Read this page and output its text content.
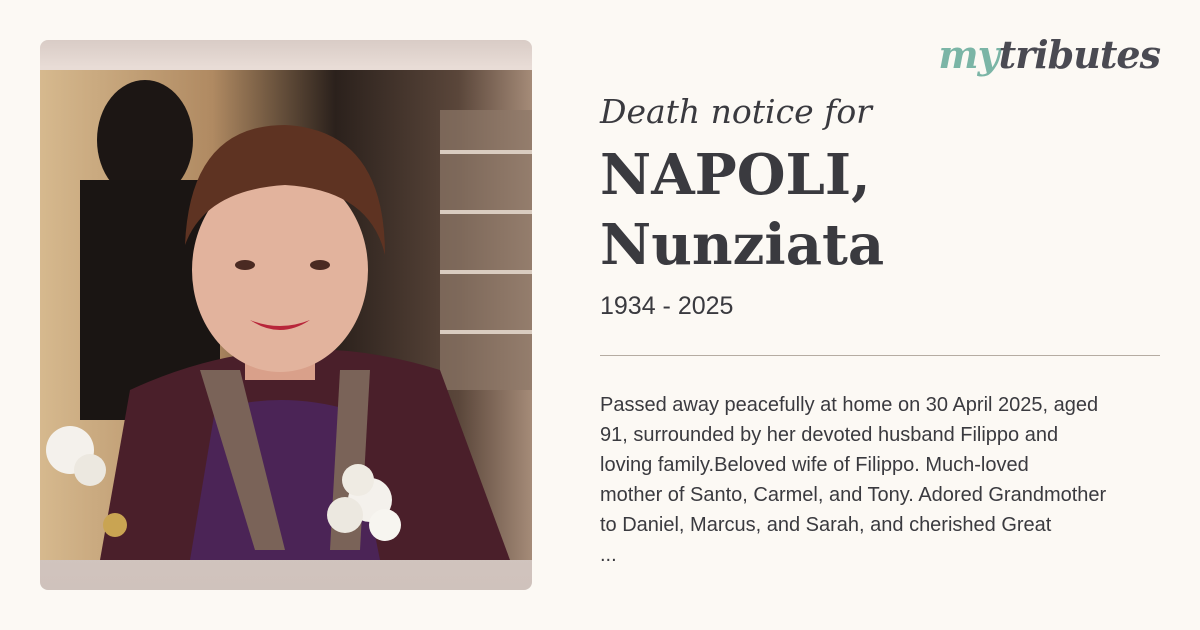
mytributes
Death notice for
NAPOLI,
Nunziata
1934 - 2025
Passed away peacefully at home on 30 April 2025, aged
91, surrounded by her devoted husband Filippo and
loving family.Beloved wife of Filippo. Much-loved
mother of Santo, Carmel, and Tony. Adored Grandmother
to Daniel, Marcus, and Sarah, and cherished Great
...
